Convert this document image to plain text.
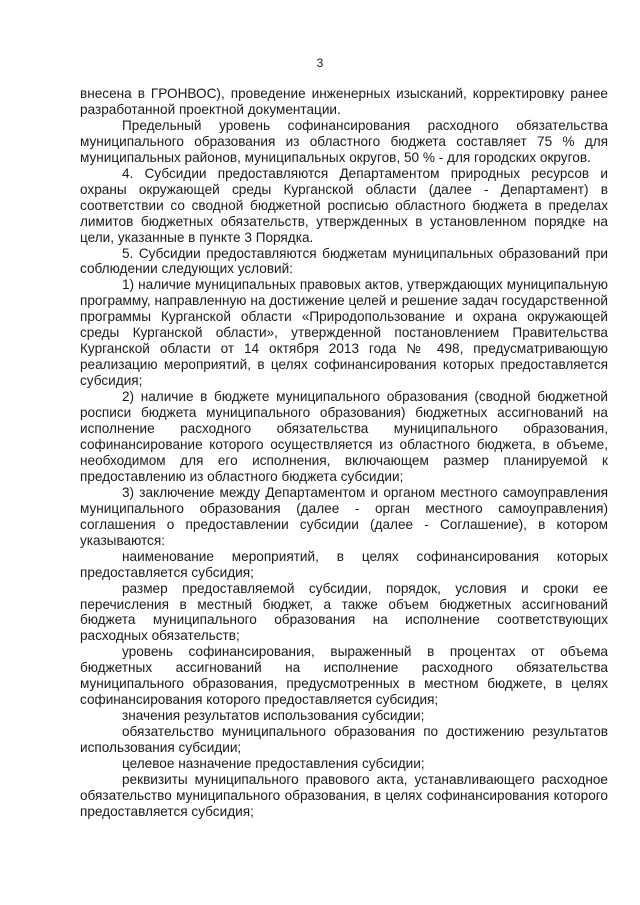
3

внесена в ГРОНВОС), проведение инженерных изысканий, корректировку ранее разработанной проектной документации.

Предельный уровень софинансирования расходного обязательства муниципального образования из областного бюджета составляет 75 % для муниципальных районов, муниципальных округов, 50 % - для городских округов.

4. Субсидии предоставляются Департаментом природных ресурсов и охраны окружающей среды Курганской области (далее - Департамент) в соответствии со сводной бюджетной росписью областного бюджета в пределах лимитов бюджетных обязательств, утвержденных в установленном порядке на цели, указанные в пункте 3 Порядка.

5. Субсидии предоставляются бюджетам муниципальных образований при соблюдении следующих условий:

1) наличие муниципальных правовых актов, утверждающих муниципальную программу, направленную на достижение целей и решение задач государственной программы Курганской области «Природопользование и охрана окружающей среды Курганской области», утвержденной постановлением Правительства Курганской области от 14 октября 2013 года № 498, предусматривающую реализацию мероприятий, в целях софинансирования которых предоставляется субсидия;

2) наличие в бюджете муниципального образования (сводной бюджетной росписи бюджета муниципального образования) бюджетных ассигнований на исполнение расходного обязательства муниципального образования, софинансирование которого осуществляется из областного бюджета, в объеме, необходимом для его исполнения, включающем размер планируемой к предоставлению из областного бюджета субсидии;

3) заключение между Департаментом и органом местного самоуправления муниципального образования (далее - орган местного самоуправления) соглашения о предоставлении субсидии (далее - Соглашение), в котором указываются:

наименование мероприятий, в целях софинансирования которых предоставляется субсидия;

размер предоставляемой субсидии, порядок, условия и сроки ее перечисления в местный бюджет, а также объем бюджетных ассигнований бюджета муниципального образования на исполнение соответствующих расходных обязательств;

уровень софинансирования, выраженный в процентах от объема бюджетных ассигнований на исполнение расходного обязательства муниципального образования, предусмотренных в местном бюджете, в целях софинансирования которого предоставляется субсидия;

значения результатов использования субсидии;

обязательство муниципального образования по достижению результатов использования субсидии;

целевое назначение предоставления субсидии;

реквизиты муниципального правового акта, устанавливающего расходное обязательство муниципального образования, в целях софинансирования которого предоставляется субсидия;
